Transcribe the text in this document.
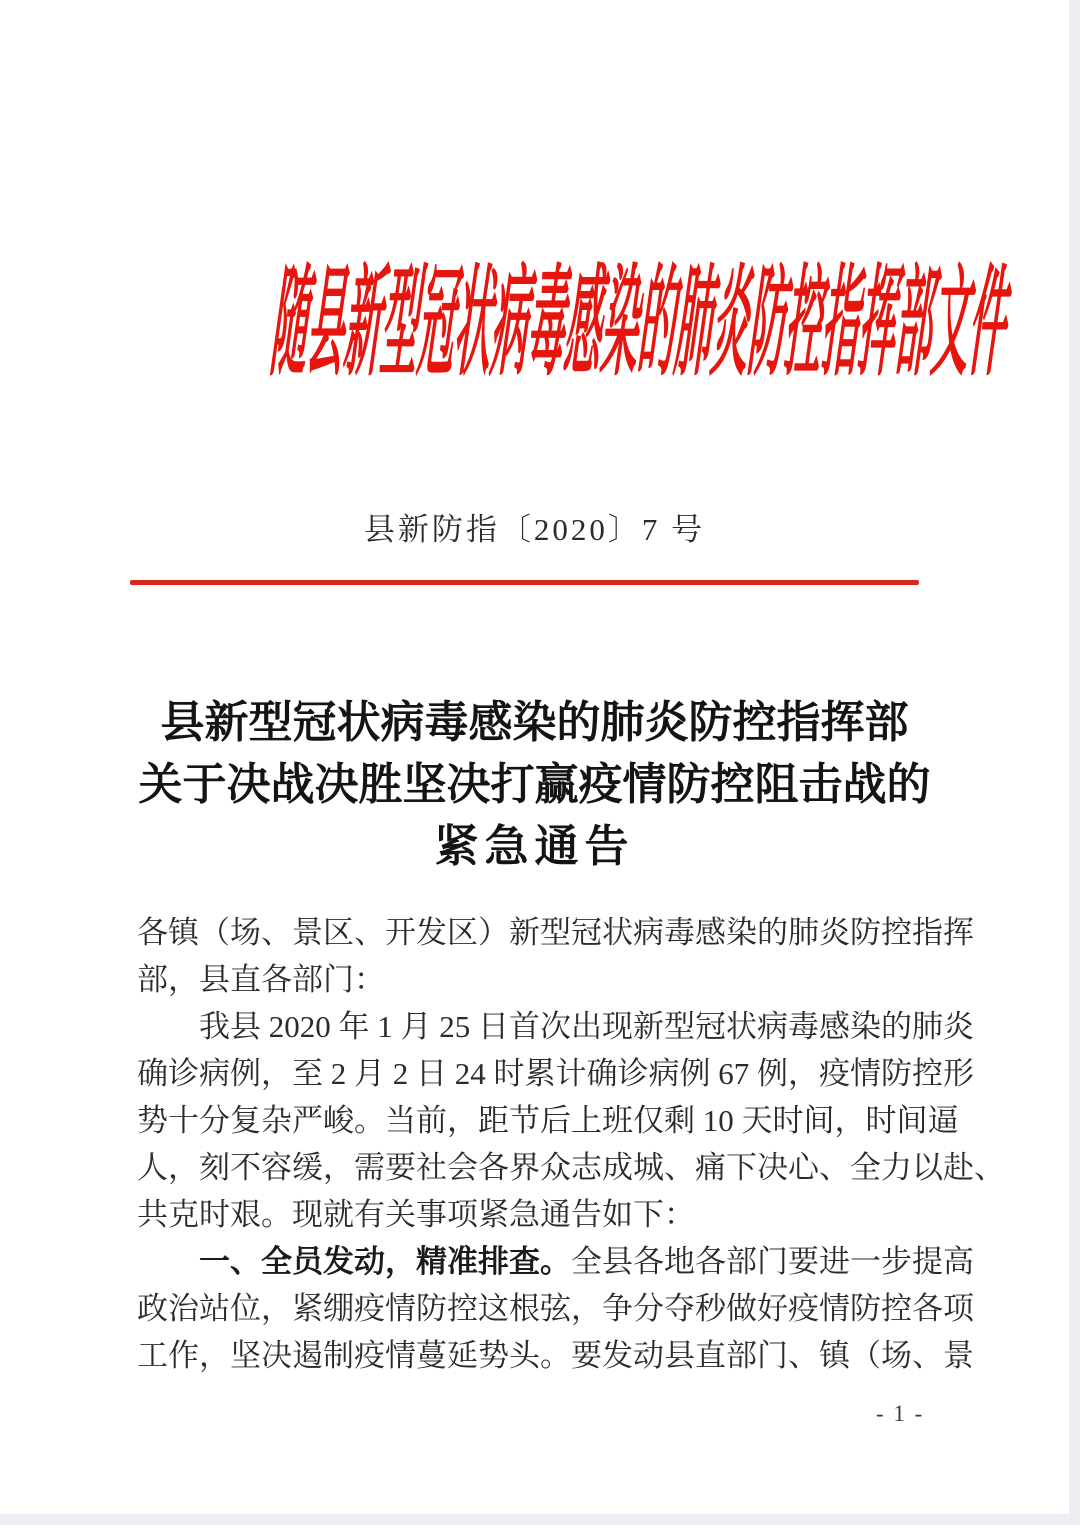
随县新型冠状病毒感染的肺炎防控指挥部文件
县新防指〔2020〕7 号
县新型冠状病毒感染的肺炎防控指挥部
关于决战决胜坚决打赢疫情防控阻击战的
紧急通告
各镇（场、景区、开发区）新型冠状病毒感染的肺炎防控指挥
部，县直各部门：
我县 2020 年 1 月 25 日首次出现新型冠状病毒感染的肺炎
确诊病例，至 2 月 2 日 24 时累计确诊病例 67 例，疫情防控形
势十分复杂严峻。当前，距节后上班仅剩 10 天时间，时间逼
人，刻不容缓，需要社会各界众志成城、痛下决心、全力以赴、
共克时艰。现就有关事项紧急通告如下：
一、全员发动，精准排查。全县各地各部门要进一步提高
政治站位，紧绷疫情防控这根弦，争分夺秒做好疫情防控各项
工作，坚决遏制疫情蔓延势头。要发动县直部门、镇（场、景
- 1 -
